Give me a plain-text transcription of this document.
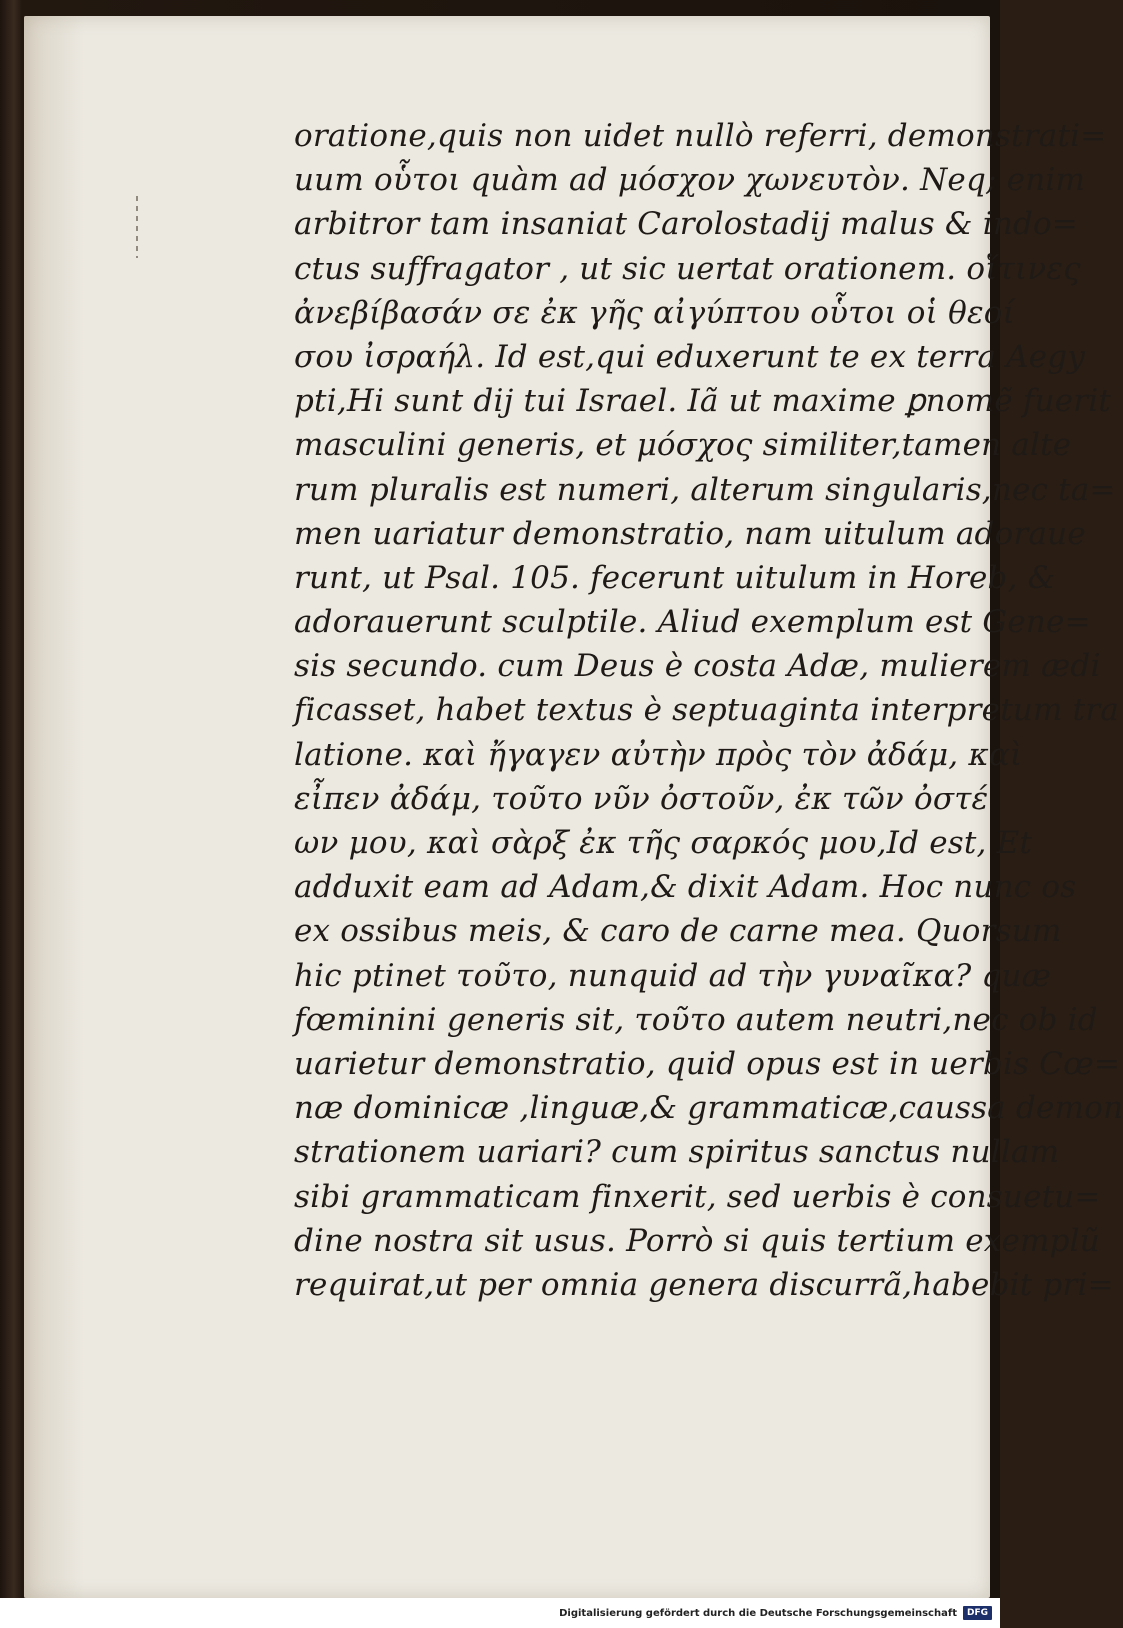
oratione,quis non uidet nullò referri, demonstrati=
uum οὗτοι quàm ad μόσχον χωνευτὸν. Neq; enim
arbitror tam insaniat Carolostadij malus & indo=
ctus suffragator , ut sic uertat orationem. οἵτινες
ἀνεβίβασάν σε ἐκ γῆς αἰγύπτου οὗτοι οἱ θεοί
σου ἰσραήλ. Id est,qui eduxerunt te ex terra Aegy
pti,Hi sunt dij tui Israel. Iã ut maxime ꝑnomẽ fuerit
masculini generis, et μόσχος similiter,tamen alte
rum pluralis est numeri, alterum singularis,nec ta=
men uariatur demonstratio, nam uitulum adoraue
runt, ut Psal. 105. fecerunt uitulum in Horeb, &
adorauerunt sculptile. Aliud exemplum est Gene=
sis secundo. cum Deus è costa Adæ, mulierem ædi
ficasset, habet textus è septuaginta interpretum tra
latione. καὶ ἤγαγεν αὐτὴν πρὸς τὸν ἀδάμ, καὶ
εἶπεν ἀδάμ, τοῦτο νῦν ὀστοῦν, ἐκ τῶν ὀστέ
ων μου, καὶ σὰρξ ἐκ τῆς σαρκός μου,Id est, Et
adduxit eam ad Adam,& dixit Adam. Hoc nunc os
ex ossibus meis, & caro de carne mea. Quorsum
hic ptinet τοῦτο, nunquid ad τὴν γυναῖκα? quæ
fœminini generis sit, τοῦτο autem neutri,nec ob id
uarietur demonstratio, quid opus est in uerbis Cœ=
næ dominicæ ,linguæ,& grammaticæ,caussa demon
strationem uariari? cum spiritus sanctus nullam
sibi grammaticam finxerit, sed uerbis è consuetu=
dine nostra sit usus. Porrò si quis tertium exemplũ
requirat,ut per omnia genera discurrã,habebit pri=
Digitalisierung gefördert durch die Deutsche Forschungsgemeinschaft	DFG
